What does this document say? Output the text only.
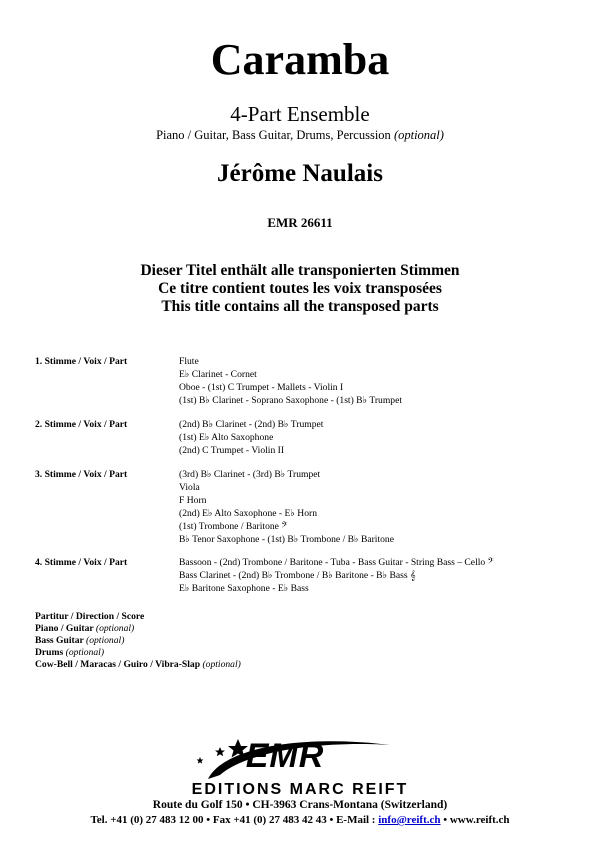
Caramba
4-Part Ensemble
Piano / Guitar, Bass Guitar, Drums, Percussion (optional)
Jérôme Naulais
EMR 26611
Dieser Titel enthält alle transponierten Stimmen
Ce titre contient toutes les voix transposées
This title contains all the transposed parts
1. Stimme / Voix / Part	Flute
E♭ Clarinet - Cornet
Oboe - (1st) C Trumpet - Mallets - Violin I
(1st) B♭ Clarinet - Soprano Saxophone - (1st) B♭ Trumpet
2. Stimme / Voix / Part	(2nd) B♭ Clarinet - (2nd) B♭ Trumpet
(1st) E♭ Alto Saxophone
(2nd) C Trumpet - Violin II
3. Stimme / Voix / Part	(3rd) B♭ Clarinet - (3rd) B♭ Trumpet
Viola
F Horn
(2nd) E♭ Alto Saxophone - E♭ Horn
(1st) Trombone / Baritone 𝄢
B♭ Tenor Saxophone - (1st) B♭ Trombone / B♭ Baritone
4. Stimme / Voix / Part	Bassoon - (2nd) Trombone / Baritone - Tuba - Bass Guitar - String Bass – Cello 𝄢
Bass Clarinet - (2nd) B♭ Trombone / B♭ Baritone - B♭ Bass 𝄞
E♭ Baritone Saxophone - E♭ Bass
Partitur / Direction / Score
Piano / Guitar (optional)
Bass Guitar (optional)
Drums (optional)
Cow-Bell / Maracas / Guiro / Vibra-Slap (optional)
EMR
EDITIONS MARC REIFT
Route du Golf 150 • CH-3963 Crans-Montana (Switzerland)
Tel. +41 (0) 27 483 12 00 • Fax +41 (0) 27 483 42 43 • E-Mail : info@reift.ch • www.reift.ch
